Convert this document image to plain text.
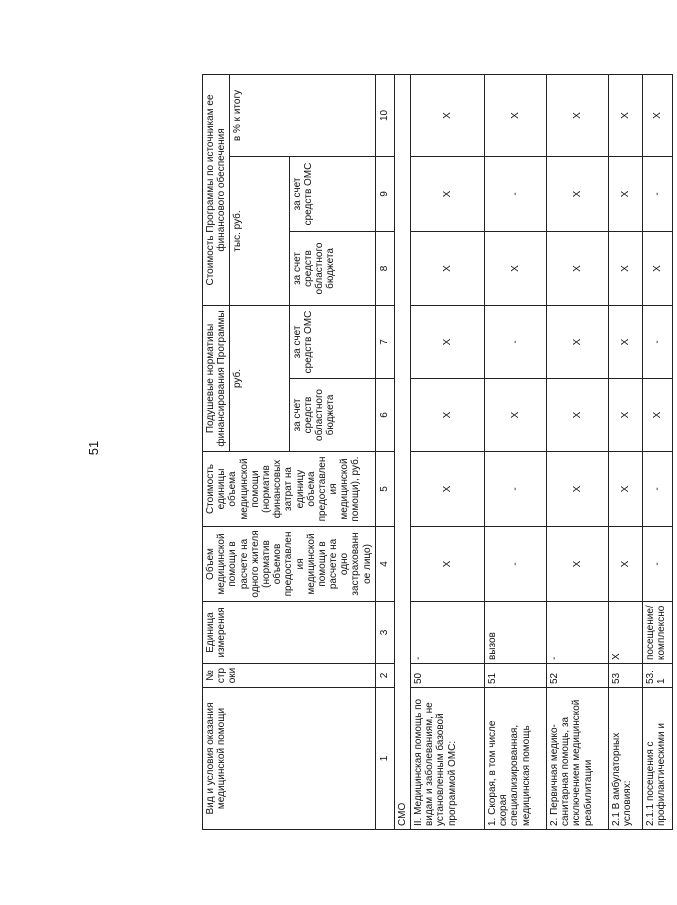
51
Вид и условия оказания медицинской помощи	№ строки	Единица измерения	Объем медицинской помощи в расчете на одного жителя (норматив объемов предоставления медицинской помощи в расчете на одно застрахованное лицо)	Стоимость единицы объема медицинской помощи (норматив финансовых затрат на единицу объема предоставления медицинской помощи), руб.	Подушевые нормативы финансирования Программы		Стоимость Программы по источникам ее финансового обеспечения		
					руб.		тыс. руб.		в % к итогу
					за счет средств областного бюджета	за счет средств ОМС	за счет средств областного бюджета	за счет средств ОМС	
1	2	3	4	5	6	7	8	9	10
СМО									
II. Медицинская помощь по видам и заболеваниям, не установленным базовой программой ОМС:	50	-	X	X	X	X	X	X	X
1. Скорая, в том числе скорая специализированная, медицинская помощь	51	вызов	-	-	X	-	X	-	X
2. Первичная медико-санитарная помощь, за исключением медицинской реабилитации	52	-	X	X	X	X	X	X	X
2.1 В амбулаторных условиях:	53	X	X	X	X	X	X	X	X
2.1.1 посещения с профилактическими и	53.1	посещение/ комплексно	-	-	X	-	X	-	X
